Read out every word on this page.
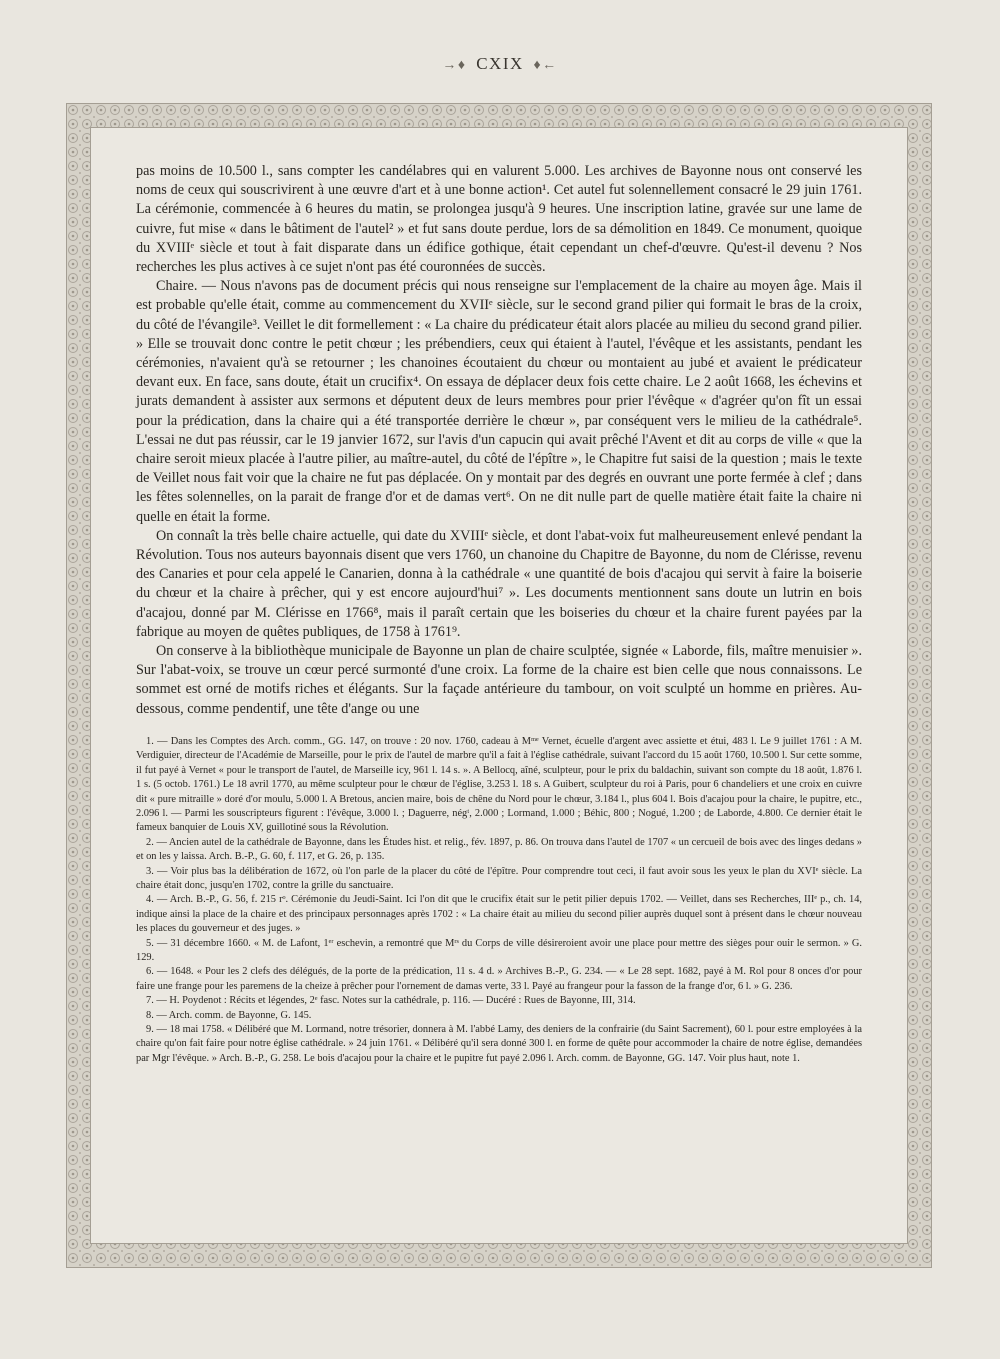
→♦ CXIX ♦←

pas moins de 10.500 l., sans compter les candélabres qui en valurent 5.000. Les archives de Bayonne nous ont conservé les noms de ceux qui souscrivirent à une œuvre d'art et à une bonne action¹. Cet autel fut solennellement consacré le 29 juin 1761. La cérémonie, commencée à 6 heures du matin, se prolongea jusqu'à 9 heures. Une inscription latine, gravée sur une lame de cuivre, fut mise « dans le bâtiment de l'autel² » et fut sans doute perdue, lors de sa démolition en 1849. Ce monument, quoique du XVIIIᵉ siècle et tout à fait disparate dans un édifice gothique, était cependant un chef-d'œuvre. Qu'est-il devenu ? Nos recherches les plus actives à ce sujet n'ont pas été couronnées de succès.

Chaire. — Nous n'avons pas de document précis qui nous renseigne sur l'emplacement de la chaire au moyen âge. Mais il est probable qu'elle était, comme au commencement du XVIIᵉ siècle, sur le second grand pilier qui formait le bras de la croix, du côté de l'évangile³. Veillet le dit formellement : « La chaire du prédicateur était alors placée au milieu du second grand pilier. » Elle se trouvait donc contre le petit chœur ; les prébendiers, ceux qui étaient à l'autel, l'évêque et les assistants, pendant les cérémonies, n'avaient qu'à se retourner ; les chanoines écoutaient du chœur ou montaient au jubé et avaient le prédicateur devant eux. En face, sans doute, était un crucifix⁴. On essaya de déplacer deux fois cette chaire. Le 2 août 1668, les échevins et jurats demandent à assister aux sermons et députent deux de leurs membres pour prier l'évêque « d'agréer qu'on fît un essai pour la prédication, dans la chaire qui a été transportée derrière le chœur », par conséquent vers le milieu de la cathédrale⁵. L'essai ne dut pas réussir, car le 19 janvier 1672, sur l'avis d'un capucin qui avait prêché l'Avent et dit au corps de ville « que la chaire seroit mieux placée à l'autre pilier, au maître-autel, du côté de l'épître », le Chapitre fut saisi de la question ; mais le texte de Veillet nous fait voir que la chaire ne fut pas déplacée. On y montait par des degrés en ouvrant une porte fermée à clef ; dans les fêtes solennelles, on la parait de frange d'or et de damas vert⁶. On ne dit nulle part de quelle matière était faite la chaire ni quelle en était la forme.

On connaît la très belle chaire actuelle, qui date du XVIIIᵉ siècle, et dont l'abat-voix fut malheureusement enlevé pendant la Révolution. Tous nos auteurs bayonnais disent que vers 1760, un chanoine du Chapitre de Bayonne, du nom de Clérisse, revenu des Canaries et pour cela appelé le Canarien, donna à la cathédrale « une quantité de bois d'acajou qui servit à faire la boiserie du chœur et la chaire à prêcher, qui y est encore aujourd'hui⁷ ». Les documents mentionnent sans doute un lutrin en bois d'acajou, donné par M. Clérisse en 1766⁸, mais il paraît certain que les boiseries du chœur et la chaire furent payées par la fabrique au moyen de quêtes publiques, de 1758 à 1761⁹.

On conserve à la bibliothèque municipale de Bayonne un plan de chaire sculptée, signée « Laborde, fils, maître menuisier ». Sur l'abat-voix, se trouve un cœur percé surmonté d'une croix. La forme de la chaire est bien celle que nous connaissons. Le sommet est orné de motifs riches et élégants. Sur la façade antérieure du tambour, on voit sculpté un homme en prières. Au-dessous, comme pendentif, une tête d'ange ou une

1. — Dans les Comptes des Arch. comm., GG. 147, on trouve : 20 nov. 1760, cadeau à Mᵐᵉ Vernet, écuelle d'argent avec assiette et étui, 483 l. Le 9 juillet 1761 : A M. Verdiguier, directeur de l'Académie de Marseille, pour le prix de l'autel de marbre qu'il a fait à l'église cathédrale, suivant l'accord du 15 août 1760, 10.500 l. Sur cette somme, il fut payé à Vernet « pour le transport de l'autel, de Marseille icy, 961 l. 14 s. ». A Bellocq, aîné, sculpteur, pour le prix du baldachin, suivant son compte du 18 août, 1.876 l. 1 s. (5 octob. 1761.) Le 18 avril 1770, au même sculpteur pour le chœur de l'église, 3.253 l. 18 s. A Guibert, sculpteur du roi à Paris, pour 6 chandeliers et une croix en cuivre dit « pure mitraille » doré d'or moulu, 5.000 l. A Bretous, ancien maire, bois de chêne du Nord pour le chœur, 3.184 l., plus 604 l. Bois d'acajou pour la chaire, le pupitre, etc., 2.096 l. — Parmi les souscripteurs figurent : l'évêque, 3.000 l. ; Daguerre, négᵗ, 2.000 ; Lormand, 1.000 ; Béhic, 800 ; Nogué, 1.200 ; de Laborde, 4.800. Ce dernier était le fameux banquier de Louis XV, guillotiné sous la Révolution.

2. — Ancien autel de la cathédrale de Bayonne, dans les Études hist. et relig., fév. 1897, p. 86. On trouva dans l'autel de 1707 « un cercueil de bois avec des linges dedans » et on les y laissa. Arch. B.-P., G. 60, f. 117, et G. 26, p. 135.

3. — Voir plus bas la délibération de 1672, où l'on parle de la placer du côté de l'épître. Pour comprendre tout ceci, il faut avoir sous les yeux le plan du XVIᵉ siècle. La chaire était donc, jusqu'en 1702, contre la grille du sanctuaire.

4. — Arch. B.-P., G. 56, f. 215 rᵒ. Cérémonie du Jeudi-Saint. Ici l'on dit que le crucifix était sur le petit pilier depuis 1702. — Veillet, dans ses Recherches, IIIᵉ p., ch. 14, indique ainsi la place de la chaire et des principaux personnages après 1702 : « La chaire était au milieu du second pilier auprès duquel sont à présent dans le chœur nouveau les places du gouverneur et des juges. »

5. — 31 décembre 1660. « M. de Lafont, 1ᵉʳ eschevin, a remontré que Mʳˢ du Corps de ville désireroient avoir une place pour mettre des sièges pour ouir le sermon. » G. 129.

6. — 1648. « Pour les 2 clefs des délégués, de la porte de la prédication, 11 s. 4 d. » Archives B.-P., G. 234. — « Le 28 sept. 1682, payé à M. Rol pour 8 onces d'or pour faire une frange pour les paremens de la cheize à prêcher pour l'ornement de damas verte, 33 l. Payé au frangeur pour la fasson de la frange d'or, 6 l. » G. 236.

7. — H. Poydenot : Récits et légendes, 2ᵉ fasc. Notes sur la cathédrale, p. 116. — Ducéré : Rues de Bayonne, III, 314.

8. — Arch. comm. de Bayonne, G. 145.

9. — 18 mai 1758. « Délibéré que M. Lormand, notre trésorier, donnera à M. l'abbé Lamy, des deniers de la confrairie (du Saint Sacrement), 60 l. pour estre employées à la chaire qu'on fait faire pour notre église cathédrale. » 24 juin 1761. « Délibéré qu'il sera donné 300 l. en forme de quête pour accommoder la chaire de notre église, demandées par Mgr l'évêque. » Arch. B.-P., G. 258. Le bois d'acajou pour la chaire et le pupitre fut payé 2.096 l. Arch. comm. de Bayonne, GG. 147. Voir plus haut, note 1.
